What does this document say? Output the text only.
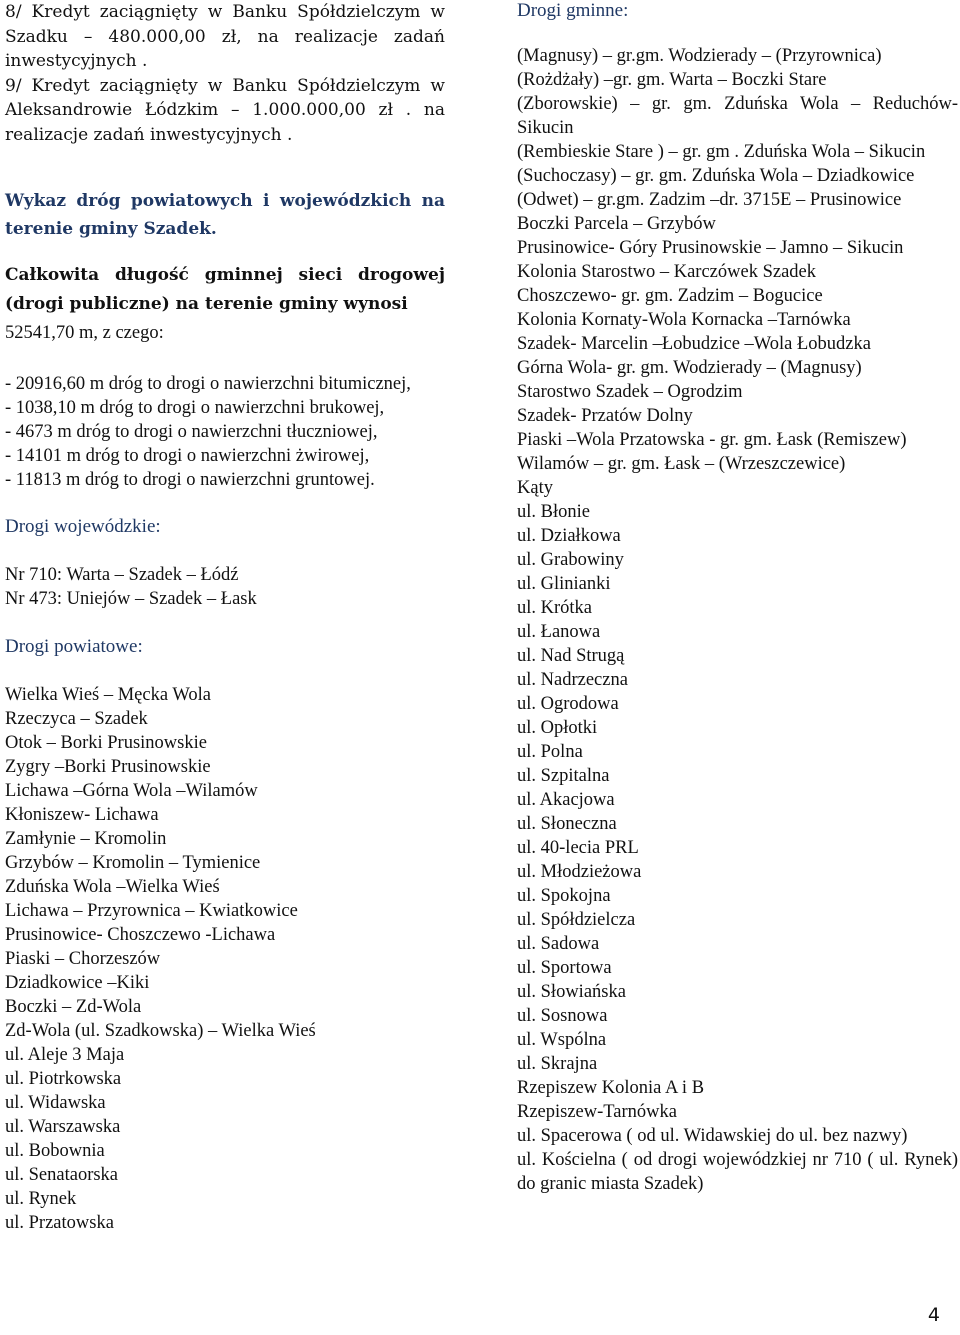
8/ Kredyt zaciągnięty w Banku Spółdzielczym w Szadku – 480.000,00 zł, na realizacje zadań inwestycyjnych .
9/ Kredyt zaciągnięty w Banku Spółdzielczym w Aleksandrowie Łódzkim – 1.000.000,00 zł . na realizacje zadań inwestycyjnych .
Wykaz dróg powiatowych i wojewódzkich na terenie gminy Szadek.
Całkowita długość gminnej sieci drogowej (drogi publiczne) na terenie gminy wynosi
52541,70 m, z czego:
- 20916,60 m dróg to drogi o nawierzchni bitumicznej,
- 1038,10 m dróg to drogi o nawierzchni brukowej,
- 4673 m dróg to drogi o nawierzchni tłuczniowej,
- 14101 m dróg to drogi o nawierzchni żwirowej,
- 11813 m dróg to drogi o nawierzchni gruntowej.
Drogi wojewódzkie:
Nr 710: Warta – Szadek – Łódź
Nr 473: Uniejów – Szadek – Łask
Drogi powiatowe:
Wielka Wieś – Męcka Wola
Rzeczyca – Szadek
Otok – Borki Prusinowskie
Zygry –Borki Prusinowskie
Lichawa –Górna Wola –Wilamów
Kłoniszew- Lichawa
Zamłynie – Kromolin
Grzybów – Kromolin – Tymienice
Zduńska Wola –Wielka Wieś
Lichawa – Przyrownica – Kwiatkowice
Prusinowice- Choszczewo -Lichawa
Piaski – Chorzeszów
Dziadkowice –Kiki
Boczki – Zd-Wola
Zd-Wola (ul. Szadkowska) – Wielka Wieś
ul. Aleje 3 Maja
ul. Piotrkowska
ul. Widawska
ul. Warszawska
ul. Bobownia
ul. Senataorska
ul. Rynek
ul. Przatowska
Drogi gminne:
(Magnusy) – gr.gm. Wodzierady – (Przyrownica)
(Rożdżały) –gr. gm. Warta – Boczki Stare
(Zborowskie) – gr. gm. Zduńska Wola – Reduchów-Sikucin
(Rembieskie Stare ) – gr. gm . Zduńska Wola – Sikucin
(Suchoczasy) – gr. gm. Zduńska Wola – Dziadkowice
(Odwet) – gr.gm. Zadzim –dr. 3715E – Prusinowice
Boczki Parcela – Grzybów
Prusinowice- Góry Prusinowskie – Jamno – Sikucin
Kolonia Starostwo – Karczówek Szadek
Choszczewo- gr. gm. Zadzim – Bogucice
Kolonia Kornaty-Wola Kornacka –Tarnówka
Szadek- Marcelin –Łobudzice –Wola Łobudzka
Górna Wola- gr. gm. Wodzierady – (Magnusy)
Starostwo Szadek – Ogrodzim
Szadek- Przatów Dolny
Piaski –Wola Przatowska - gr. gm. Łask (Remiszew)
Wilamów – gr. gm. Łask – (Wrzeszczewice)
Kąty
ul. Błonie
ul. Działkowa
ul. Grabowiny
ul. Glinianki
ul. Krótka
ul. Łanowa
ul. Nad Strugą
ul. Nadrzeczna
ul. Ogrodowa
ul. Opłotki
ul. Polna
ul. Szpitalna
ul. Akacjowa
ul. Słoneczna
ul. 40-lecia PRL
ul. Młodzieżowa
ul. Spokojna
ul. Spółdzielcza
ul. Sadowa
ul. Sportowa
ul. Słowiańska
ul. Sosnowa
ul. Wspólna
ul. Skrajna
Rzepiszew Kolonia A i B
Rzepiszew-Tarnówka
ul. Spacerowa ( od ul. Widawskiej do ul. bez nazwy)
ul. Kościelna ( od drogi wojewódzkiej nr 710 ( ul. Rynek) do granic miasta Szadek)
4
